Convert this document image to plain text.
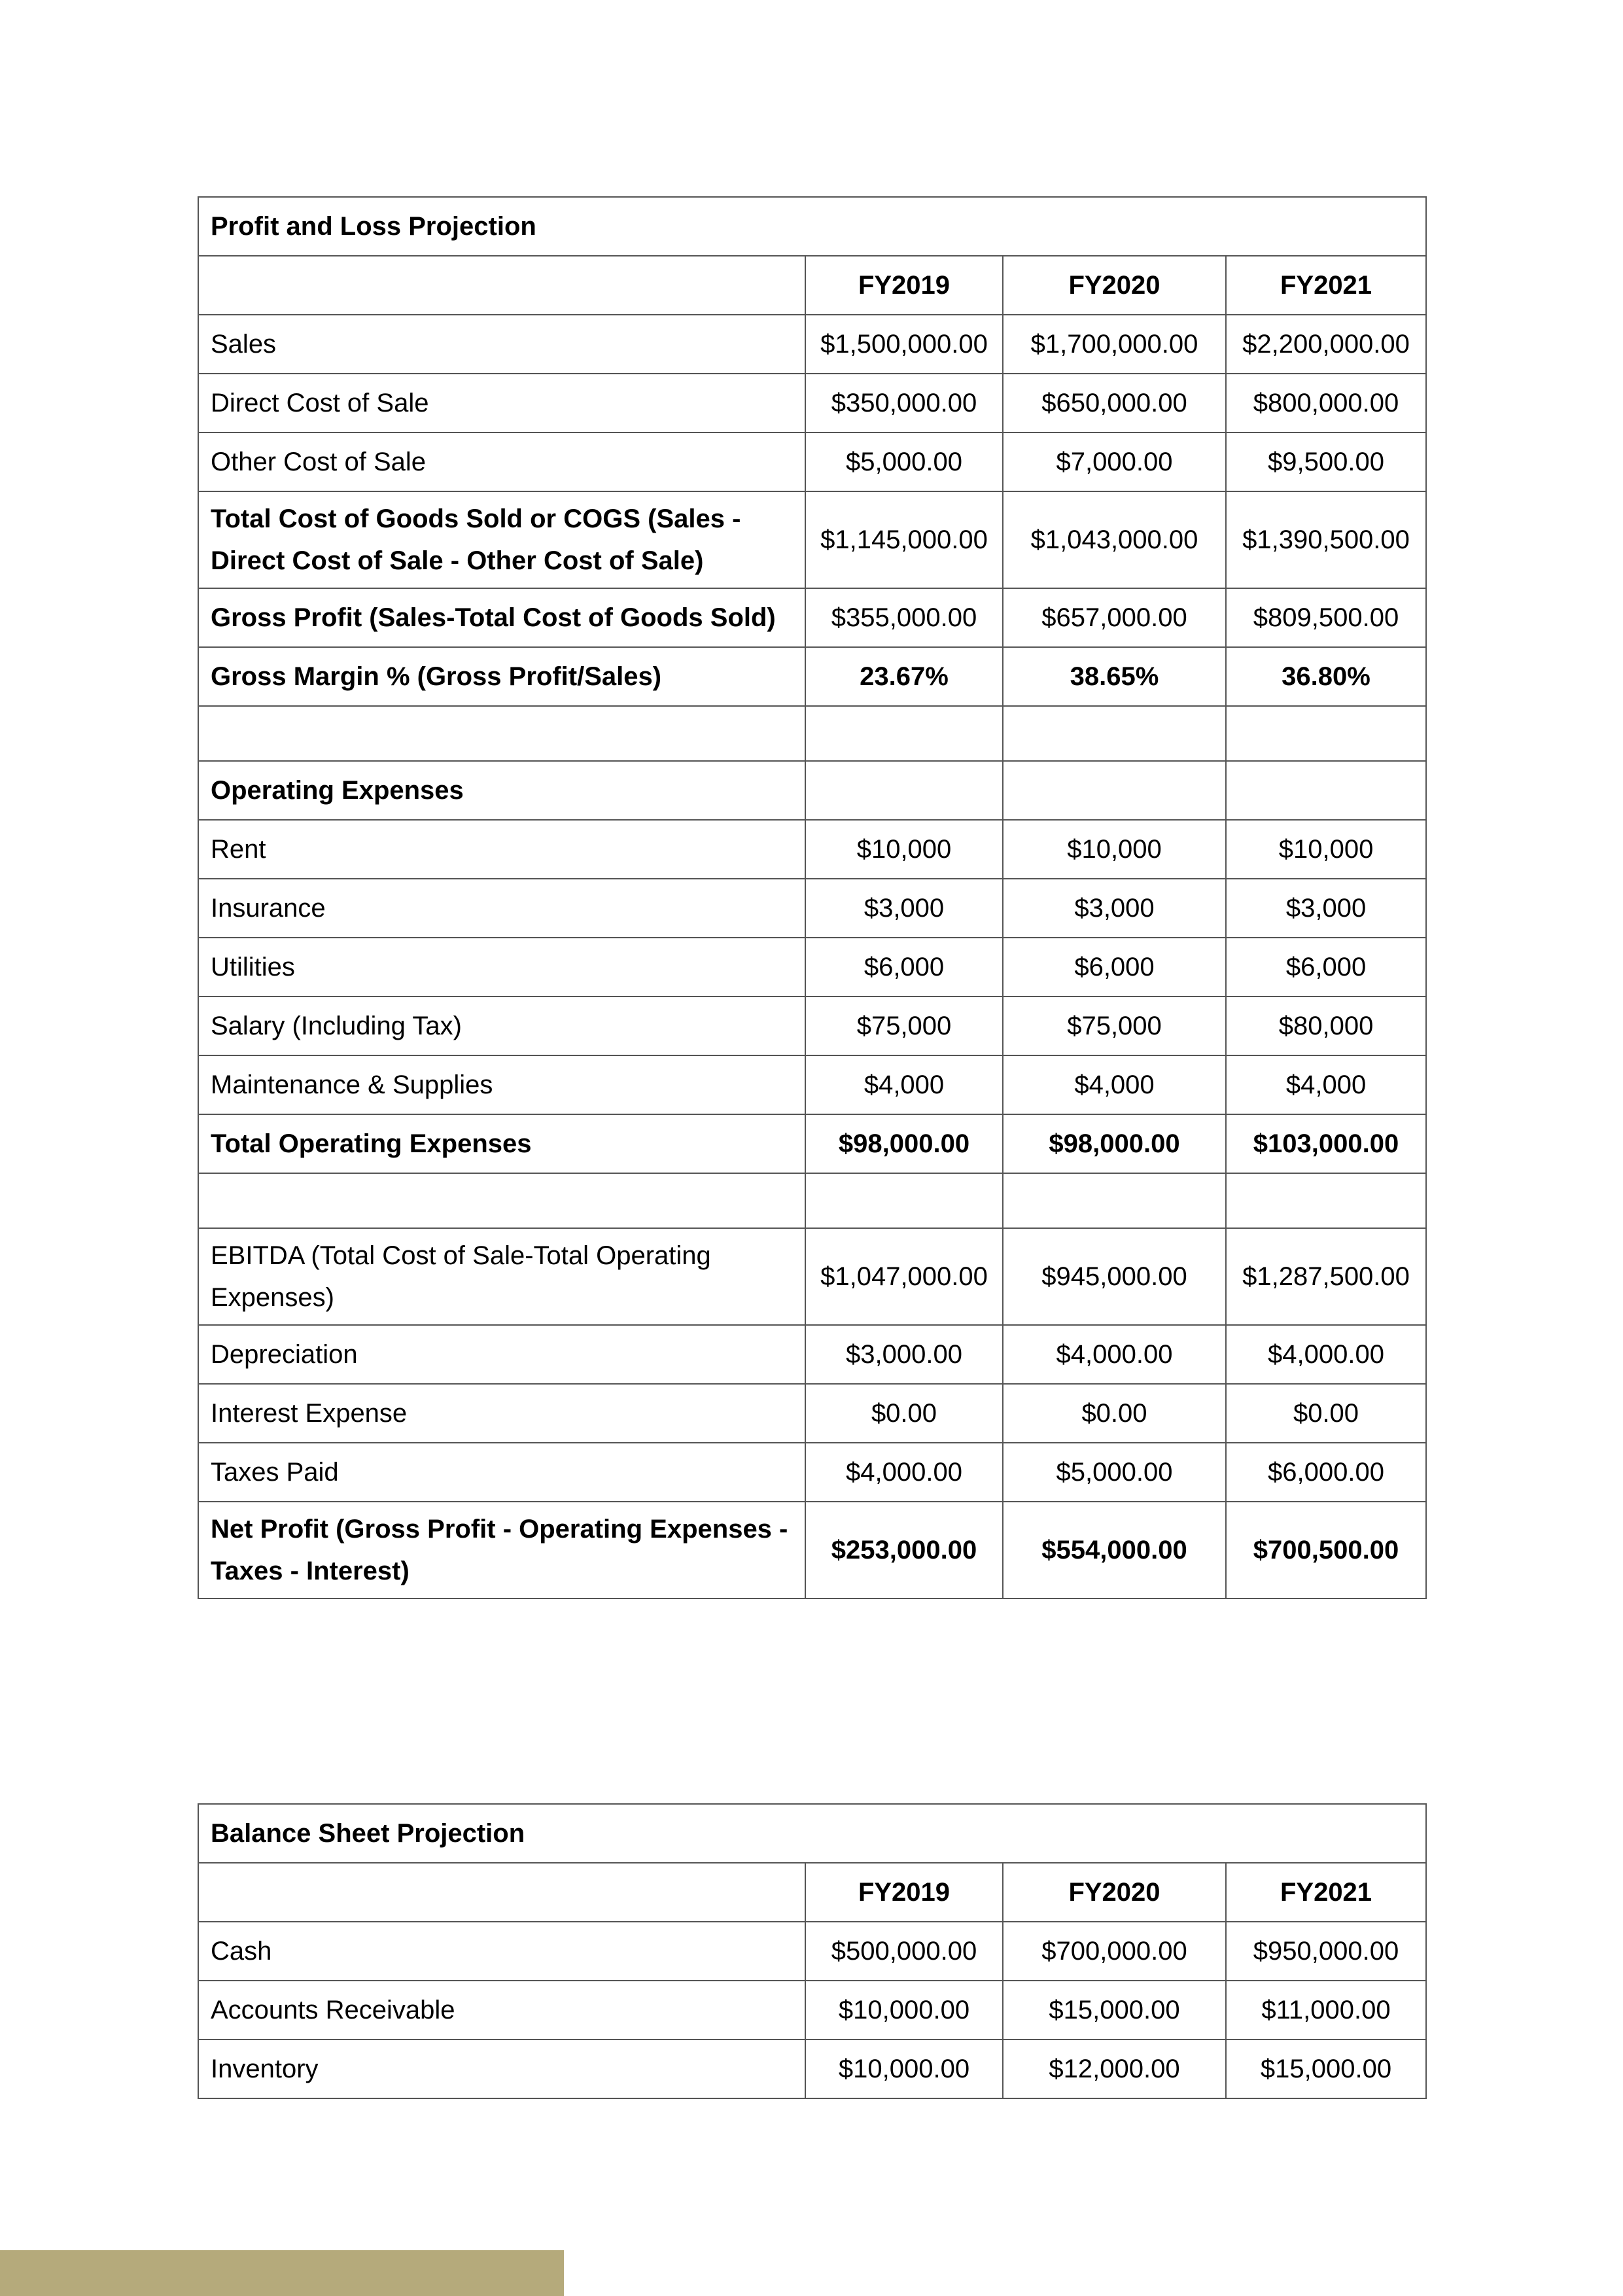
Profit and Loss Projection			
	FY2019	FY2020	FY2021
Sales	$1,500,000.00	$1,700,000.00	$2,200,000.00
Direct Cost of Sale	$350,000.00	$650,000.00	$800,000.00
Other Cost of Sale	$5,000.00	$7,000.00	$9,500.00
Total Cost of Goods Sold or COGS (Sales - Direct Cost of Sale - Other Cost of Sale)	$1,145,000.00	$1,043,000.00	$1,390,500.00
Gross Profit (Sales-Total Cost of Goods Sold)	$355,000.00	$657,000.00	$809,500.00
Gross Margin % (Gross Profit/Sales)	23.67%	38.65%	36.80%

Operating Expenses			
Rent	$10,000	$10,000	$10,000
Insurance	$3,000	$3,000	$3,000
Utilities	$6,000	$6,000	$6,000
Salary (Including Tax)	$75,000	$75,000	$80,000
Maintenance & Supplies	$4,000	$4,000	$4,000
Total Operating Expenses	$98,000.00	$98,000.00	$103,000.00

EBITDA (Total Cost of Sale-Total Operating Expenses)	$1,047,000.00	$945,000.00	$1,287,500.00
Depreciation	$3,000.00	$4,000.00	$4,000.00
Interest Expense	$0.00	$0.00	$0.00
Taxes Paid	$4,000.00	$5,000.00	$6,000.00
Net Profit (Gross Profit - Operating Expenses - Taxes - Interest)	$253,000.00	$554,000.00	$700,500.00
Balance Sheet Projection			
	FY2019	FY2020	FY2021
Cash	$500,000.00	$700,000.00	$950,000.00
Accounts Receivable	$10,000.00	$15,000.00	$11,000.00
Inventory	$10,000.00	$12,000.00	$15,000.00
